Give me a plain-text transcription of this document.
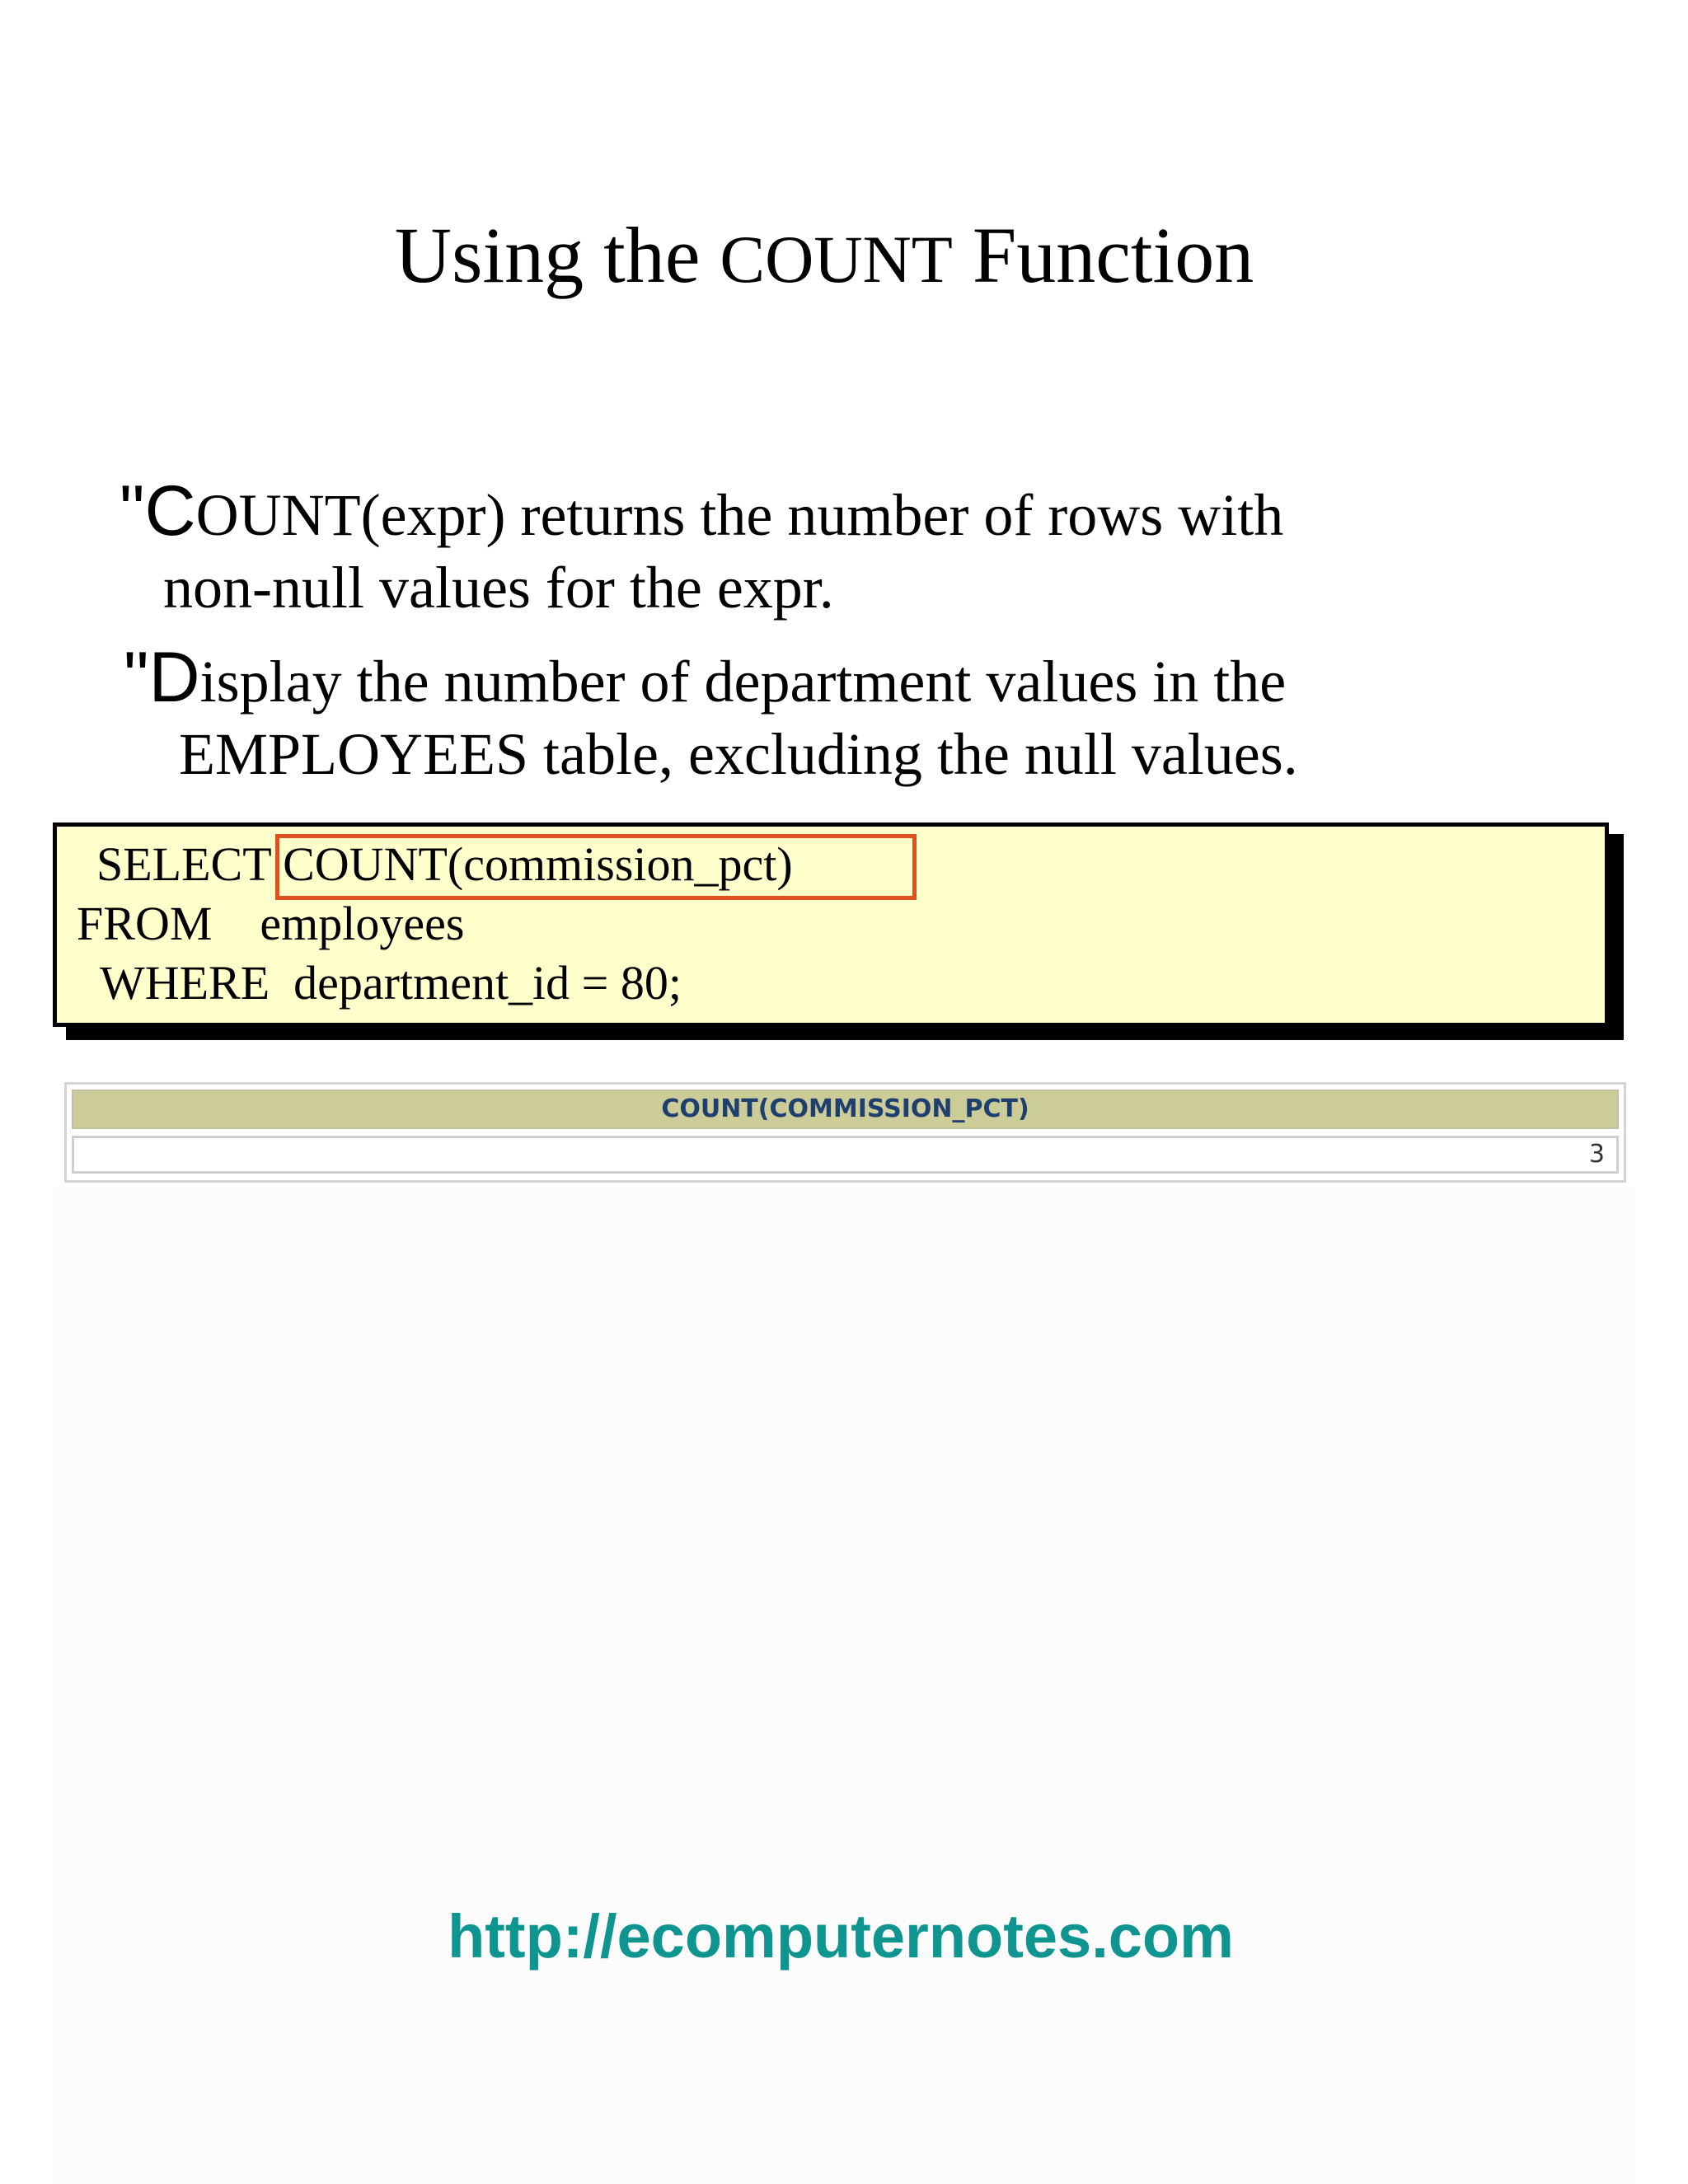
Using the COUNT Function
"COUNT(expr) returns the number of rows with
non-null values for the expr.
"Display the number of department values in the
EMPLOYEES table, excluding the null values.
SELECT COUNT(commission_pct)
FROM    employees
WHERE  department_id = 80;
COUNT(COMMISSION_PCT)
3
http://ecomputernotes.com
